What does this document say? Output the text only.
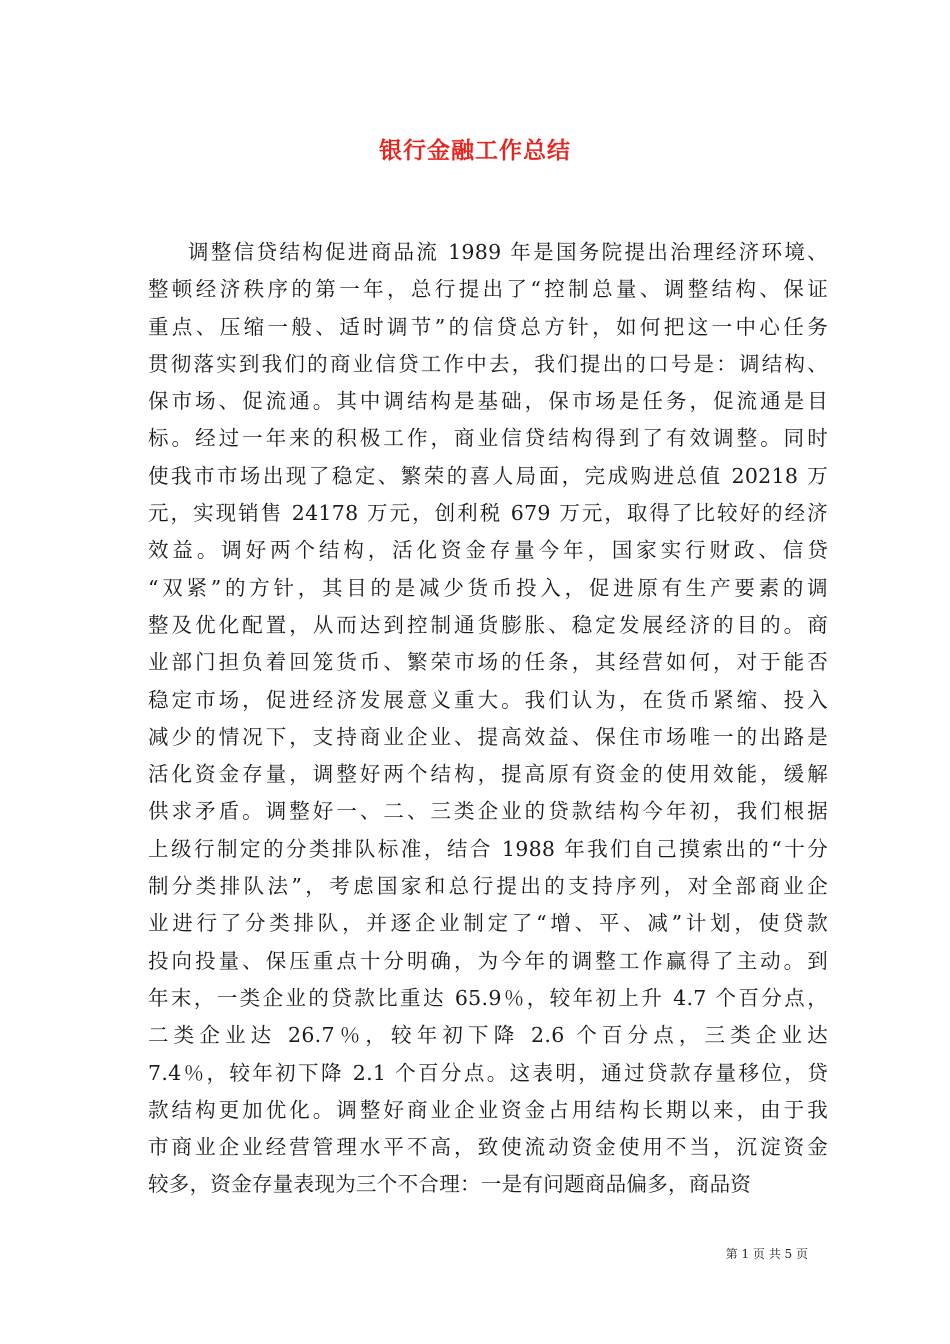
银行金融工作总结
调整信贷结构促进商品流 1989 年是国务院提出治理经济环境、
整顿经济秩序的第一年，总行提出了“控制总量、调整结构、保证
重点、压缩一般、适时调节”的信贷总方针，如何把这一中心任务
贯彻落实到我们的商业信贷工作中去，我们提出的口号是：调结构、
保市场、促流通。其中调结构是基础，保市场是任务，促流通是目
标。经过一年来的积极工作，商业信贷结构得到了有效调整。同时
使我市市场出现了稳定、繁荣的喜人局面，完成购进总值 20218 万
元，实现销售 24178 万元，创利税 679 万元，取得了比较好的经济
效益。调好两个结构，活化资金存量今年，国家实行财政、信贷
“双紧”的方针，其目的是减少货币投入，促进原有生产要素的调
整及优化配置，从而达到控制通货膨胀、稳定发展经济的目的。商
业部门担负着回笼货币、繁荣市场的任条，其经营如何，对于能否
稳定市场，促进经济发展意义重大。我们认为，在货币紧缩、投入
减少的情况下，支持商业企业、提高效益、保住市场唯一的出路是
活化资金存量，调整好两个结构，提高原有资金的使用效能，缓解
供求矛盾。调整好一、二、三类企业的贷款结构今年初，我们根据
上级行制定的分类排队标准，结合 1988 年我们自己摸索出的“十分
制分类排队法”，考虑国家和总行提出的支持序列，对全部商业企
业进行了分类排队，并逐企业制定了“增、平、减”计划，使贷款
投向投量、保压重点十分明确，为今年的调整工作赢得了主动。到
年末，一类企业的贷款比重达 65.9％，较年初上升 4.7 个百分点，
二类企业达 26.7％，较年初下降 2.6 个百分点，三类企业达
7.4％，较年初下降 2.1 个百分点。这表明，通过贷款存量移位，贷
款结构更加优化。调整好商业企业资金占用结构长期以来，由于我
市商业企业经营管理水平不高，致使流动资金使用不当，沉淀资金
较多，资金存量表现为三个不合理：一是有问题商品偏多，商品资

第 1 页 共 5 页
